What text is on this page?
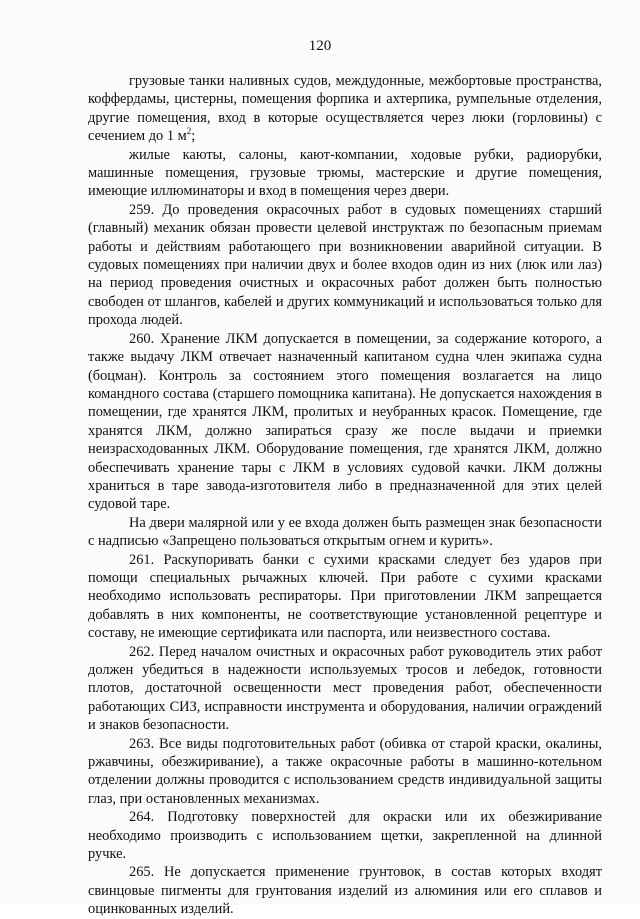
120

грузовые танки наливных судов, междудонные, межбортовые пространства, коффердамы, цистерны, помещения форпика и ахтерпика, румпельные отделения, другие помещения, вход в которые осуществляется через люки (горловины) с сечением до 1 $м^2$;

жилые каюты, салоны, кают-компании, ходовые рубки, радиорубки, машинные помещения, грузовые трюмы, мастерские и другие помещения, имеющие иллюминаторы и вход в помещения через двери.

259. До проведения окрасочных работ в судовых помещениях старший (главный) механик обязан провести целевой инструктаж по безопасным приемам работы и действиям работающего при возникновении аварийной ситуации. В судовых помещениях при наличии двух и более входов один из них (люк или лаз) на период проведения очистных и окрасочных работ должен быть полностью свободен от шлангов, кабелей и других коммуникаций и использоваться только для прохода людей.

260. Хранение ЛКМ допускается в помещении, за содержание которого, а также выдачу ЛКМ отвечает назначенный капитаном судна член экипажа судна (боцман). Контроль за состоянием этого помещения возлагается на лицо командного состава (старшего помощника капитана). Не допускается нахождения в помещении, где хранятся ЛКМ, пролитых и неубранных красок. Помещение, где хранятся ЛКМ, должно запираться сразу же после выдачи и приемки неизрасходованных ЛКМ. Оборудование помещения, где хранятся ЛКМ, должно обеспечивать хранение тары с ЛКМ в условиях судовой качки. ЛКМ должны храниться в таре завода-изготовителя либо в предназначенной для этих целей судовой таре.

На двери малярной или у ее входа должен быть размещен знак безопасности с надписью «Запрещено пользоваться открытым огнем и курить».

261. Раскупоривать банки с сухими красками следует без ударов при помощи специальных рычажных ключей. При работе с сухими красками необходимо использовать респираторы. При приготовлении ЛКМ запрещается добавлять в них компоненты, не соответствующие установленной рецептуре и составу, не имеющие сертификата или паспорта, или неизвестного состава.

262. Перед началом очистных и окрасочных работ руководитель этих работ должен убедиться в надежности используемых тросов и лебедок, готовности плотов, достаточной освещенности мест проведения работ, обеспеченности работающих СИЗ, исправности инструмента и оборудования, наличии ограждений и знаков безопасности.

263. Все виды подготовительных работ (обивка от старой краски, окалины, ржавчины, обезжиривание), а также окрасочные работы в машинно-котельном отделении должны проводится с использованием средств индивидуальной защиты глаз, при остановленных механизмах.

264. Подготовку поверхностей для окраски или их обезжиривание необходимо производить с использованием щетки, закрепленной на длинной ручке.

265. Не допускается применение грунтовок, в состав которых входят свинцовые пигменты для грунтования изделий из алюминия или его сплавов и оцинкованных изделий.
